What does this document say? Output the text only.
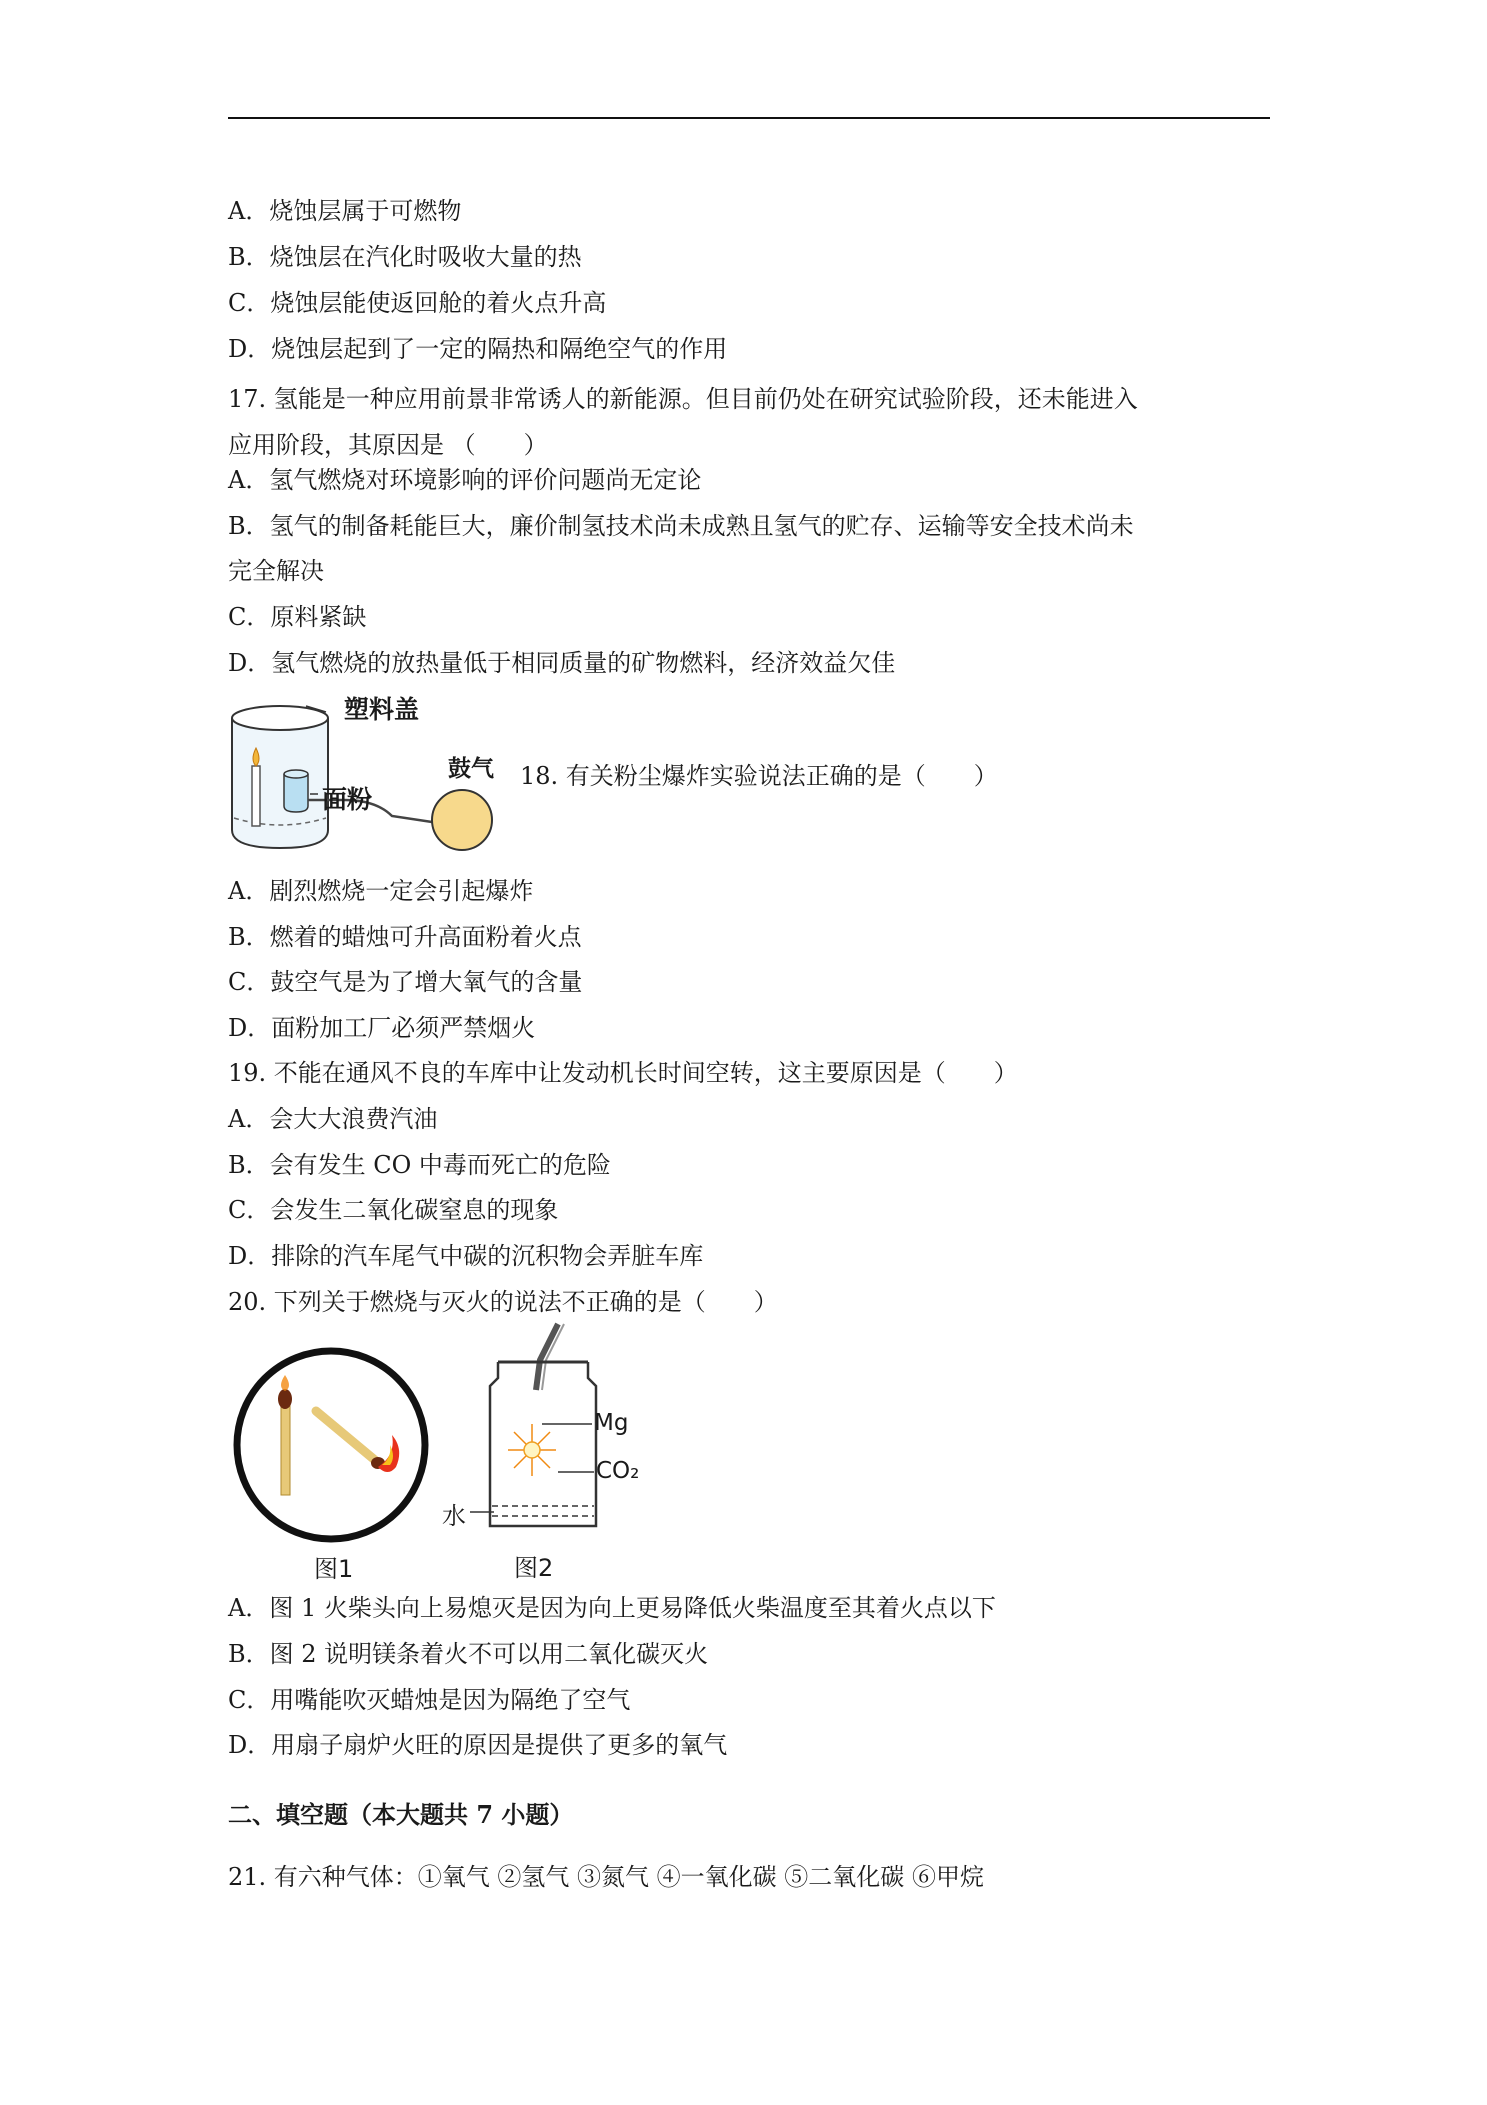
A．烧蚀层属于可燃物
B．烧蚀层在汽化时吸收大量的热
C．烧蚀层能使返回舱的着火点升高
D．烧蚀层起到了一定的隔热和隔绝空气的作用
17. 氢能是一种应用前景非常诱人的新能源。但目前仍处在研究试验阶段，还未能进入
应用阶段，其原因是 （　　）
A．氢气燃烧对环境影响的评价问题尚无定论
B．氢气的制备耗能巨大，廉价制氢技术尚未成熟且氢气的贮存、运输等安全技术尚未
完全解决
C．原料紧缺
D．氢气燃烧的放热量低于相同质量的矿物燃料，经济效益欠佳
塑料盖
面粉
鼓气 18. 有关粉尘爆炸实验说法正确的是（　　）
A．剧烈燃烧一定会引起爆炸
B．燃着的蜡烛可升高面粉着火点
C．鼓空气是为了增大氧气的含量
D．面粉加工厂必须严禁烟火
19. 不能在通风不良的车库中让发动机长时间空转，这主要原因是（　　）
A．会大大浪费汽油
B．会有发生 CO 中毒而死亡的危险
C．会发生二氧化碳窒息的现象
D．排除的汽车尾气中碳的沉积物会弄脏车库
20. 下列关于燃烧与灭火的说法不正确的是（　　）
图1
Mg
CO₂
水
图2
A．图 1 火柴头向上易熄灭是因为向上更易降低火柴温度至其着火点以下
B．图 2 说明镁条着火不可以用二氧化碳灭火
C．用嘴能吹灭蜡烛是因为隔绝了空气
D．用扇子扇炉火旺的原因是提供了更多的氧气
二、填空题（本大题共 7 小题）
21. 有六种气体：①氧气 ②氢气 ③氮气 ④一氧化碳 ⑤二氧化碳 ⑥甲烷
